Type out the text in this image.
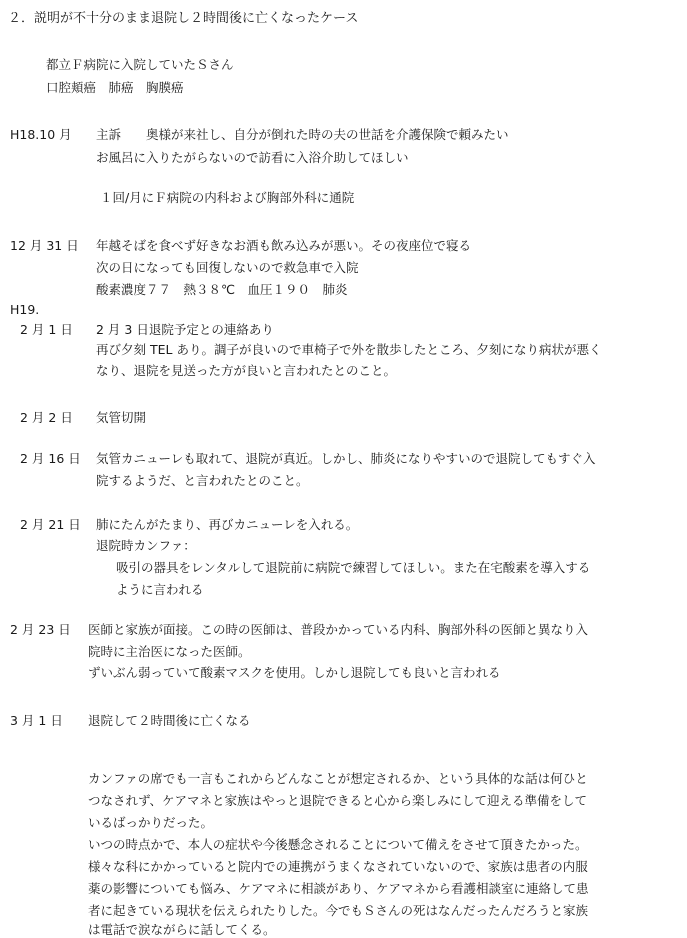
２．説明が不十分のまま退院し２時間後に亡くなったケース

都立Ｆ病院に入院していたＳさん

口腔頬癌　肺癌　胸膜癌

H18.10 月 主訴　　奥様が来社し、自分が倒れた時の夫の世話を介護保険で頼みたい

お風呂に入りたがらないので訪看に入浴介助してほしい

１回/月にＦ病院の内科および胸部外科に通院

12 月 31 日 年越そばを食べず好きなお酒も飲み込みが悪い。その夜座位で寝る

次の日になっても回復しないので救急車で入院

酸素濃度７７　熱３８℃　血圧１９０　肺炎

H19.

2 月 1 日 2 月 3 日退院予定との連絡あり

再び夕刻 TEL あり。調子が良いので車椅子で外を散歩したところ、夕刻になり病状が悪く

なり、退院を見送った方が良いと言われたとのこと。

2 月 2 日 気管切開

2 月 16 日 気管カニューレも取れて、退院が真近。しかし、肺炎になりやすいので退院してもすぐ入

院するようだ、と言われたとのこと。

2 月 21 日 肺にたんがたまり、再びカニューレを入れる。

退院時カンファ：

吸引の器具をレンタルして退院前に病院で練習してほしい。また在宅酸素を導入する

ように言われる

2 月 23 日 医師と家族が面接。この時の医師は、普段かかっている内科、胸部外科の医師と異なり入

院時に主治医になった医師。

ずいぶん弱っていて酸素マスクを使用。しかし退院しても良いと言われる

3 月 1 日 退院して２時間後に亡くなる

カンファの席でも一言もこれからどんなことが想定されるか、という具体的な話は何ひと

つなされず、ケアマネと家族はやっと退院できると心から楽しみにして迎える準備をして

いるばっかりだった。

いつの時点かで、本人の症状や今後懸念されることについて備えをさせて頂きたかった。

様々な科にかかっていると院内での連携がうまくなされていないので、家族は患者の内服

薬の影響についても悩み、ケアマネに相談があり、ケアマネから看護相談室に連絡して患

者に起きている現状を伝えられたりした。今でもＳさんの死はなんだったんだろうと家族

は電話で涙ながらに話してくる。
